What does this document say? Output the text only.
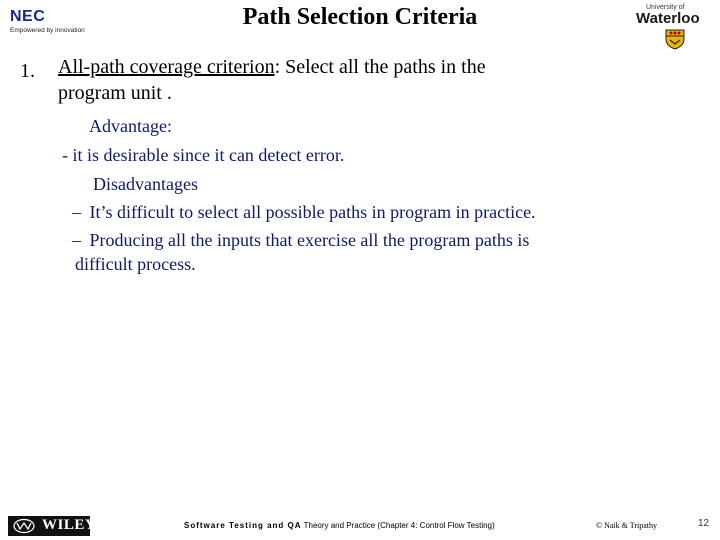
NEC
Empowered by innovation
Path Selection Criteria	University of
Waterloo
1. All-path coverage criterion: Select all the paths in the
program unit .
Advantage:
- it is desirable since it can detect error.
Disadvantages
– It’s difficult to select all possible paths in program in practice.
– Producing all the inputs that exercise all the program paths is
difficult process.
WILEY	Software Testing and QA Theory and Practice (Chapter 4: Control Flow Testing)	© Naik & Tripathy	12
